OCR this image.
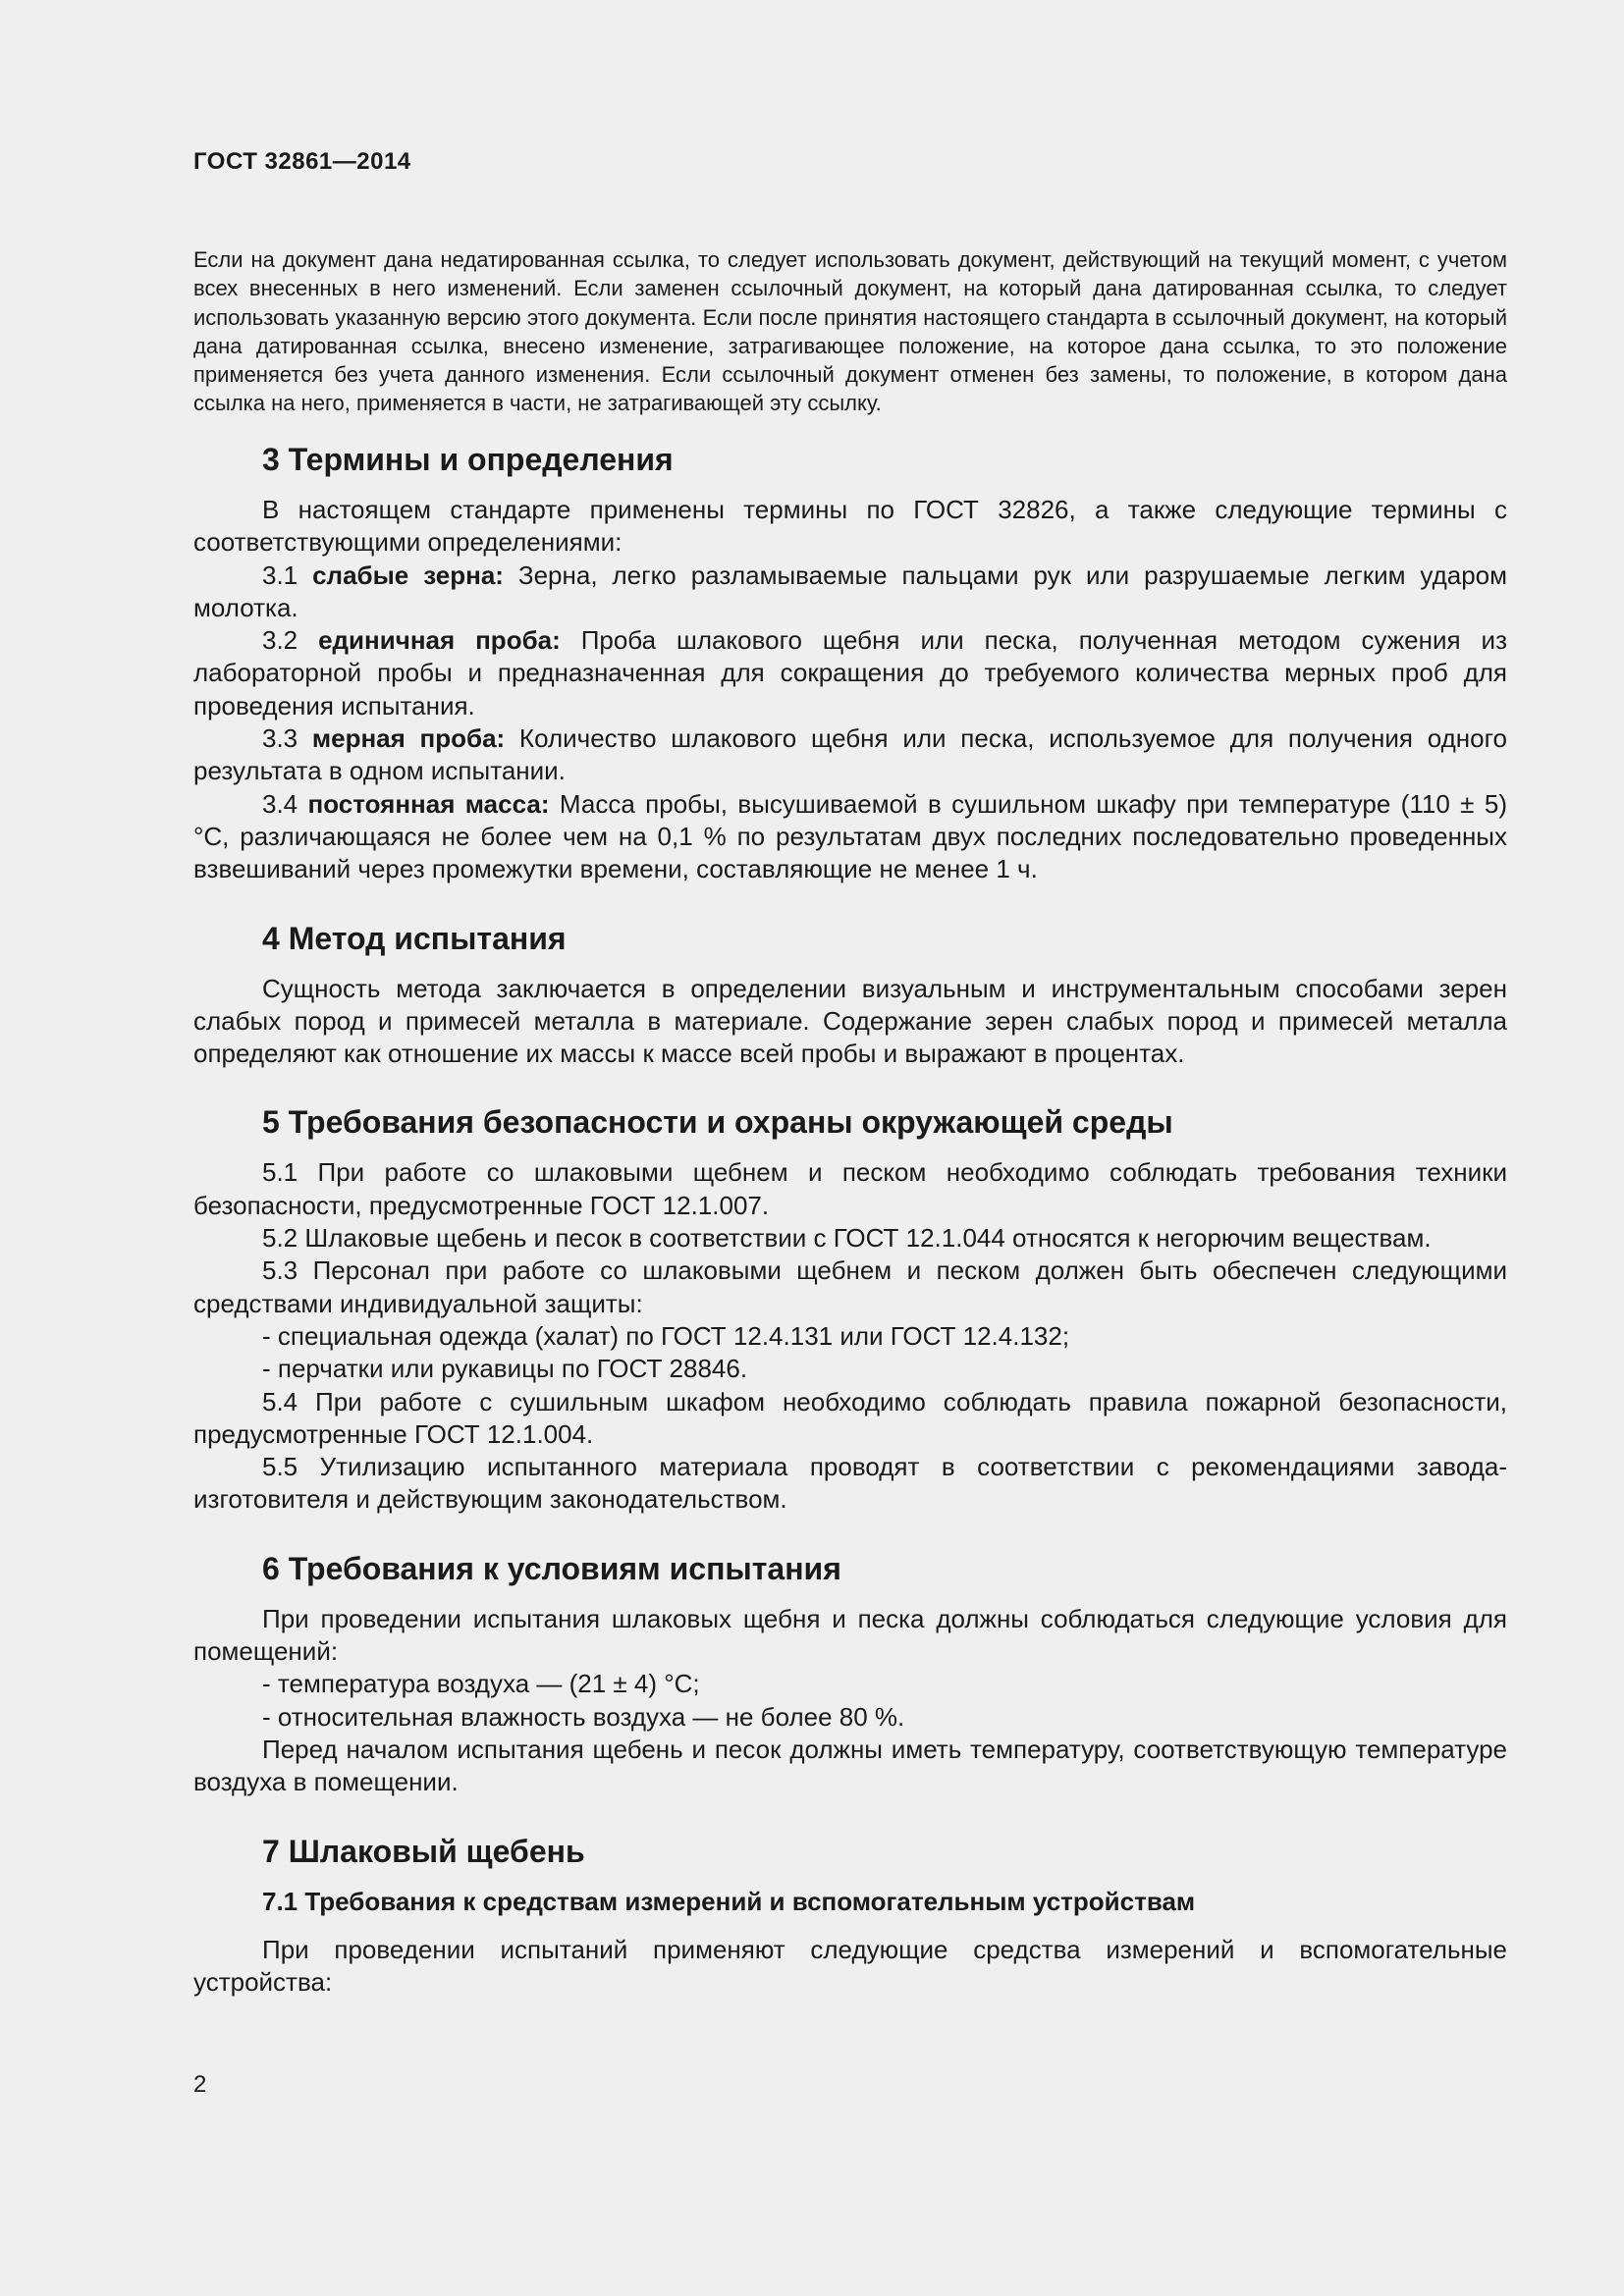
ГОСТ 32861—2014

Если на документ дана недатированная ссылка, то следует использовать документ, действующий на текущий момент, с учетом всех внесенных в него изменений. Если заменен ссылочный документ, на который дана датированная ссылка, то следует использовать указанную версию этого документа. Если после принятия настоящего стандарта в ссылочный документ, на который дана датированная ссылка, внесено изменение, затрагивающее положение, на которое дана ссылка, то это положение применяется без учета данного изменения. Если ссылочный документ отменен без замены, то положение, в котором дана ссылка на него, применяется в части, не затрагивающей эту ссылку.

3 Термины и определения

В настоящем стандарте применены термины по ГОСТ 32826, а также следующие термины с соответствующими определениями:

3.1 слабые зерна: Зерна, легко разламываемые пальцами рук или разрушаемые легким ударом молотка.

3.2 единичная проба: Проба шлакового щебня или песка, полученная методом сужения из лабораторной пробы и предназначенная для сокращения до требуемого количества мерных проб для проведения испытания.

3.3 мерная проба: Количество шлакового щебня или песка, используемое для получения одного результата в одном испытании.

3.4 постоянная масса: Масса пробы, высушиваемой в сушильном шкафу при температуре (110 ± 5) °С, различающаяся не более чем на 0,1 % по результатам двух последних последовательно проведенных взвешиваний через промежутки времени, составляющие не менее 1 ч.

4 Метод испытания

Сущность метода заключается в определении визуальным и инструментальным способами зерен слабых пород и примесей металла в материале. Содержание зерен слабых пород и примесей металла определяют как отношение их массы к массе всей пробы и выражают в процентах.

5 Требования безопасности и охраны окружающей среды

5.1 При работе со шлаковыми щебнем и песком необходимо соблюдать требования техники безопасности, предусмотренные ГОСТ 12.1.007.

5.2 Шлаковые щебень и песок в соответствии с ГОСТ 12.1.044 относятся к негорючим веществам.

5.3 Персонал при работе со шлаковыми щебнем и песком должен быть обеспечен следующими средствами индивидуальной защиты:

- специальная одежда (халат) по ГОСТ 12.4.131 или ГОСТ 12.4.132;

- перчатки или рукавицы по ГОСТ 28846.

5.4 При работе с сушильным шкафом необходимо соблюдать правила пожарной безопасности, предусмотренные ГОСТ 12.1.004.

5.5 Утилизацию испытанного материала проводят в соответствии с рекомендациями завода-изготовителя и действующим законодательством.

6 Требования к условиям испытания

При проведении испытания шлаковых щебня и песка должны соблюдаться следующие условия для помещений:

- температура воздуха — (21 ± 4) °С;

- относительная влажность воздуха — не более 80 %.

Перед началом испытания щебень и песок должны иметь температуру, соответствующую температуре воздуха в помещении.

7 Шлаковый щебень
7.1 Требования к средствам измерений и вспомогательным устройствам

При проведении испытаний применяют следующие средства измерений и вспомогательные устройства:

2
